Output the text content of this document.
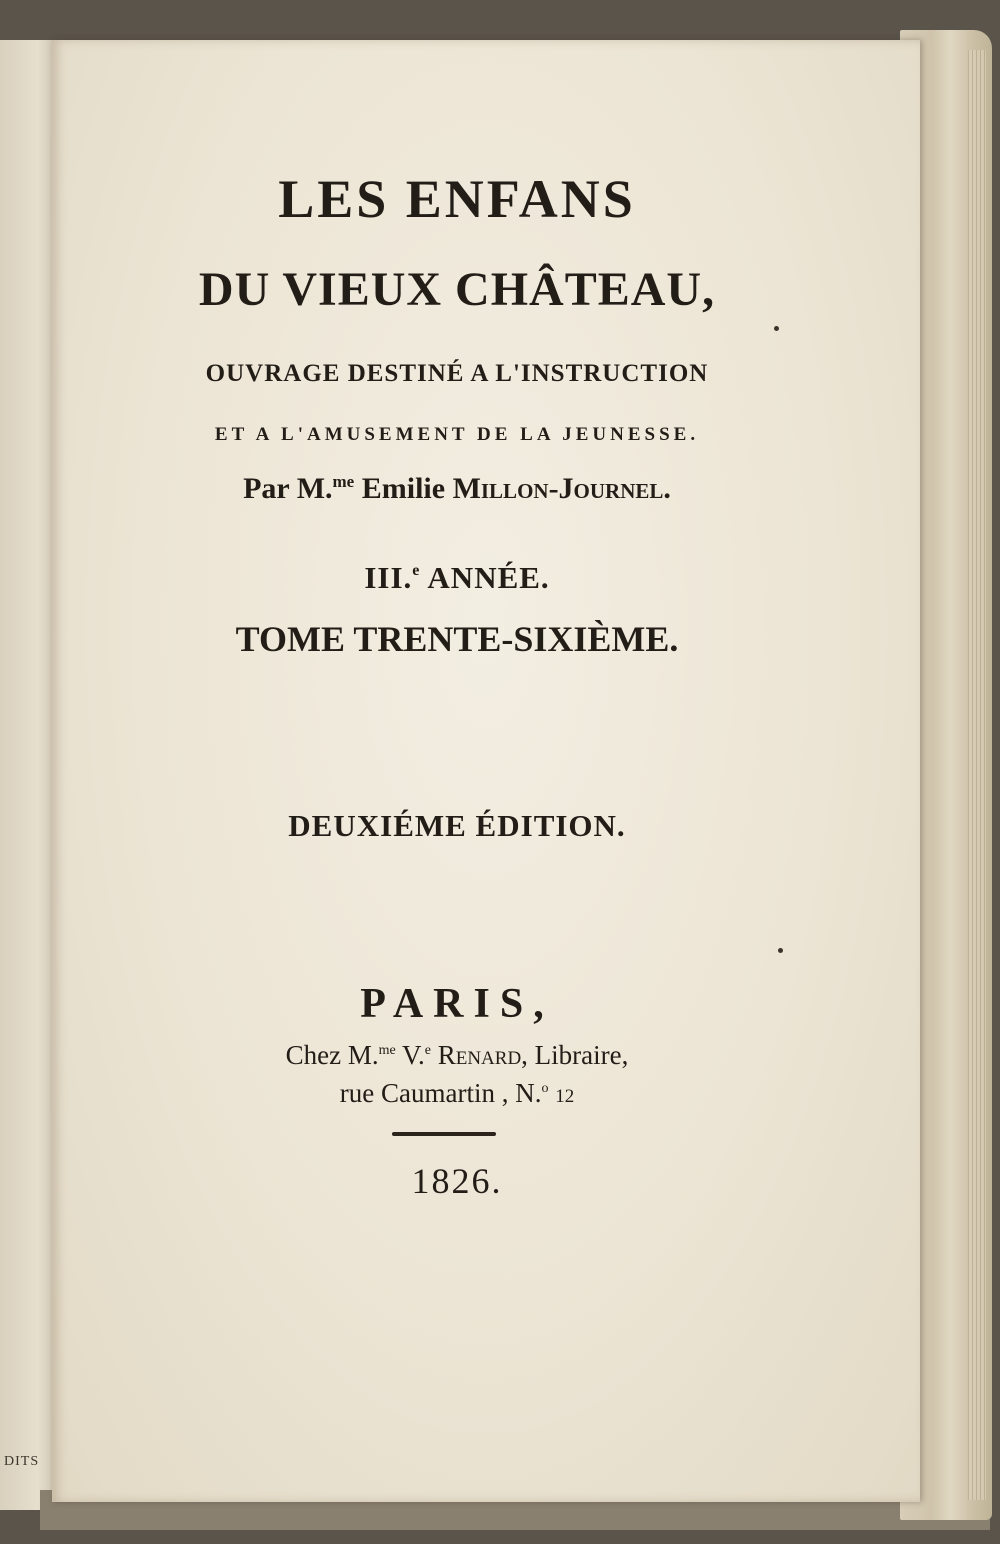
DITS
LES ENFANS
DU VIEUX CHÂTEAU,
OUVRAGE DESTINÉ A L'INSTRUCTION
ET A L'AMUSEMENT DE LA JEUNESSE.
Par M.$^{me}$ Emilie Millon-Journel.
III.$^e$ ANNÉE.
TOME TRENTE-SIXIÈME.
DEUXIÉME ÉDITION.
PARIS,
Chez M.$^{me}$ V.$^e$ Renard, Libraire,
rue Caumartin , N.$^o$ 12
1826.
